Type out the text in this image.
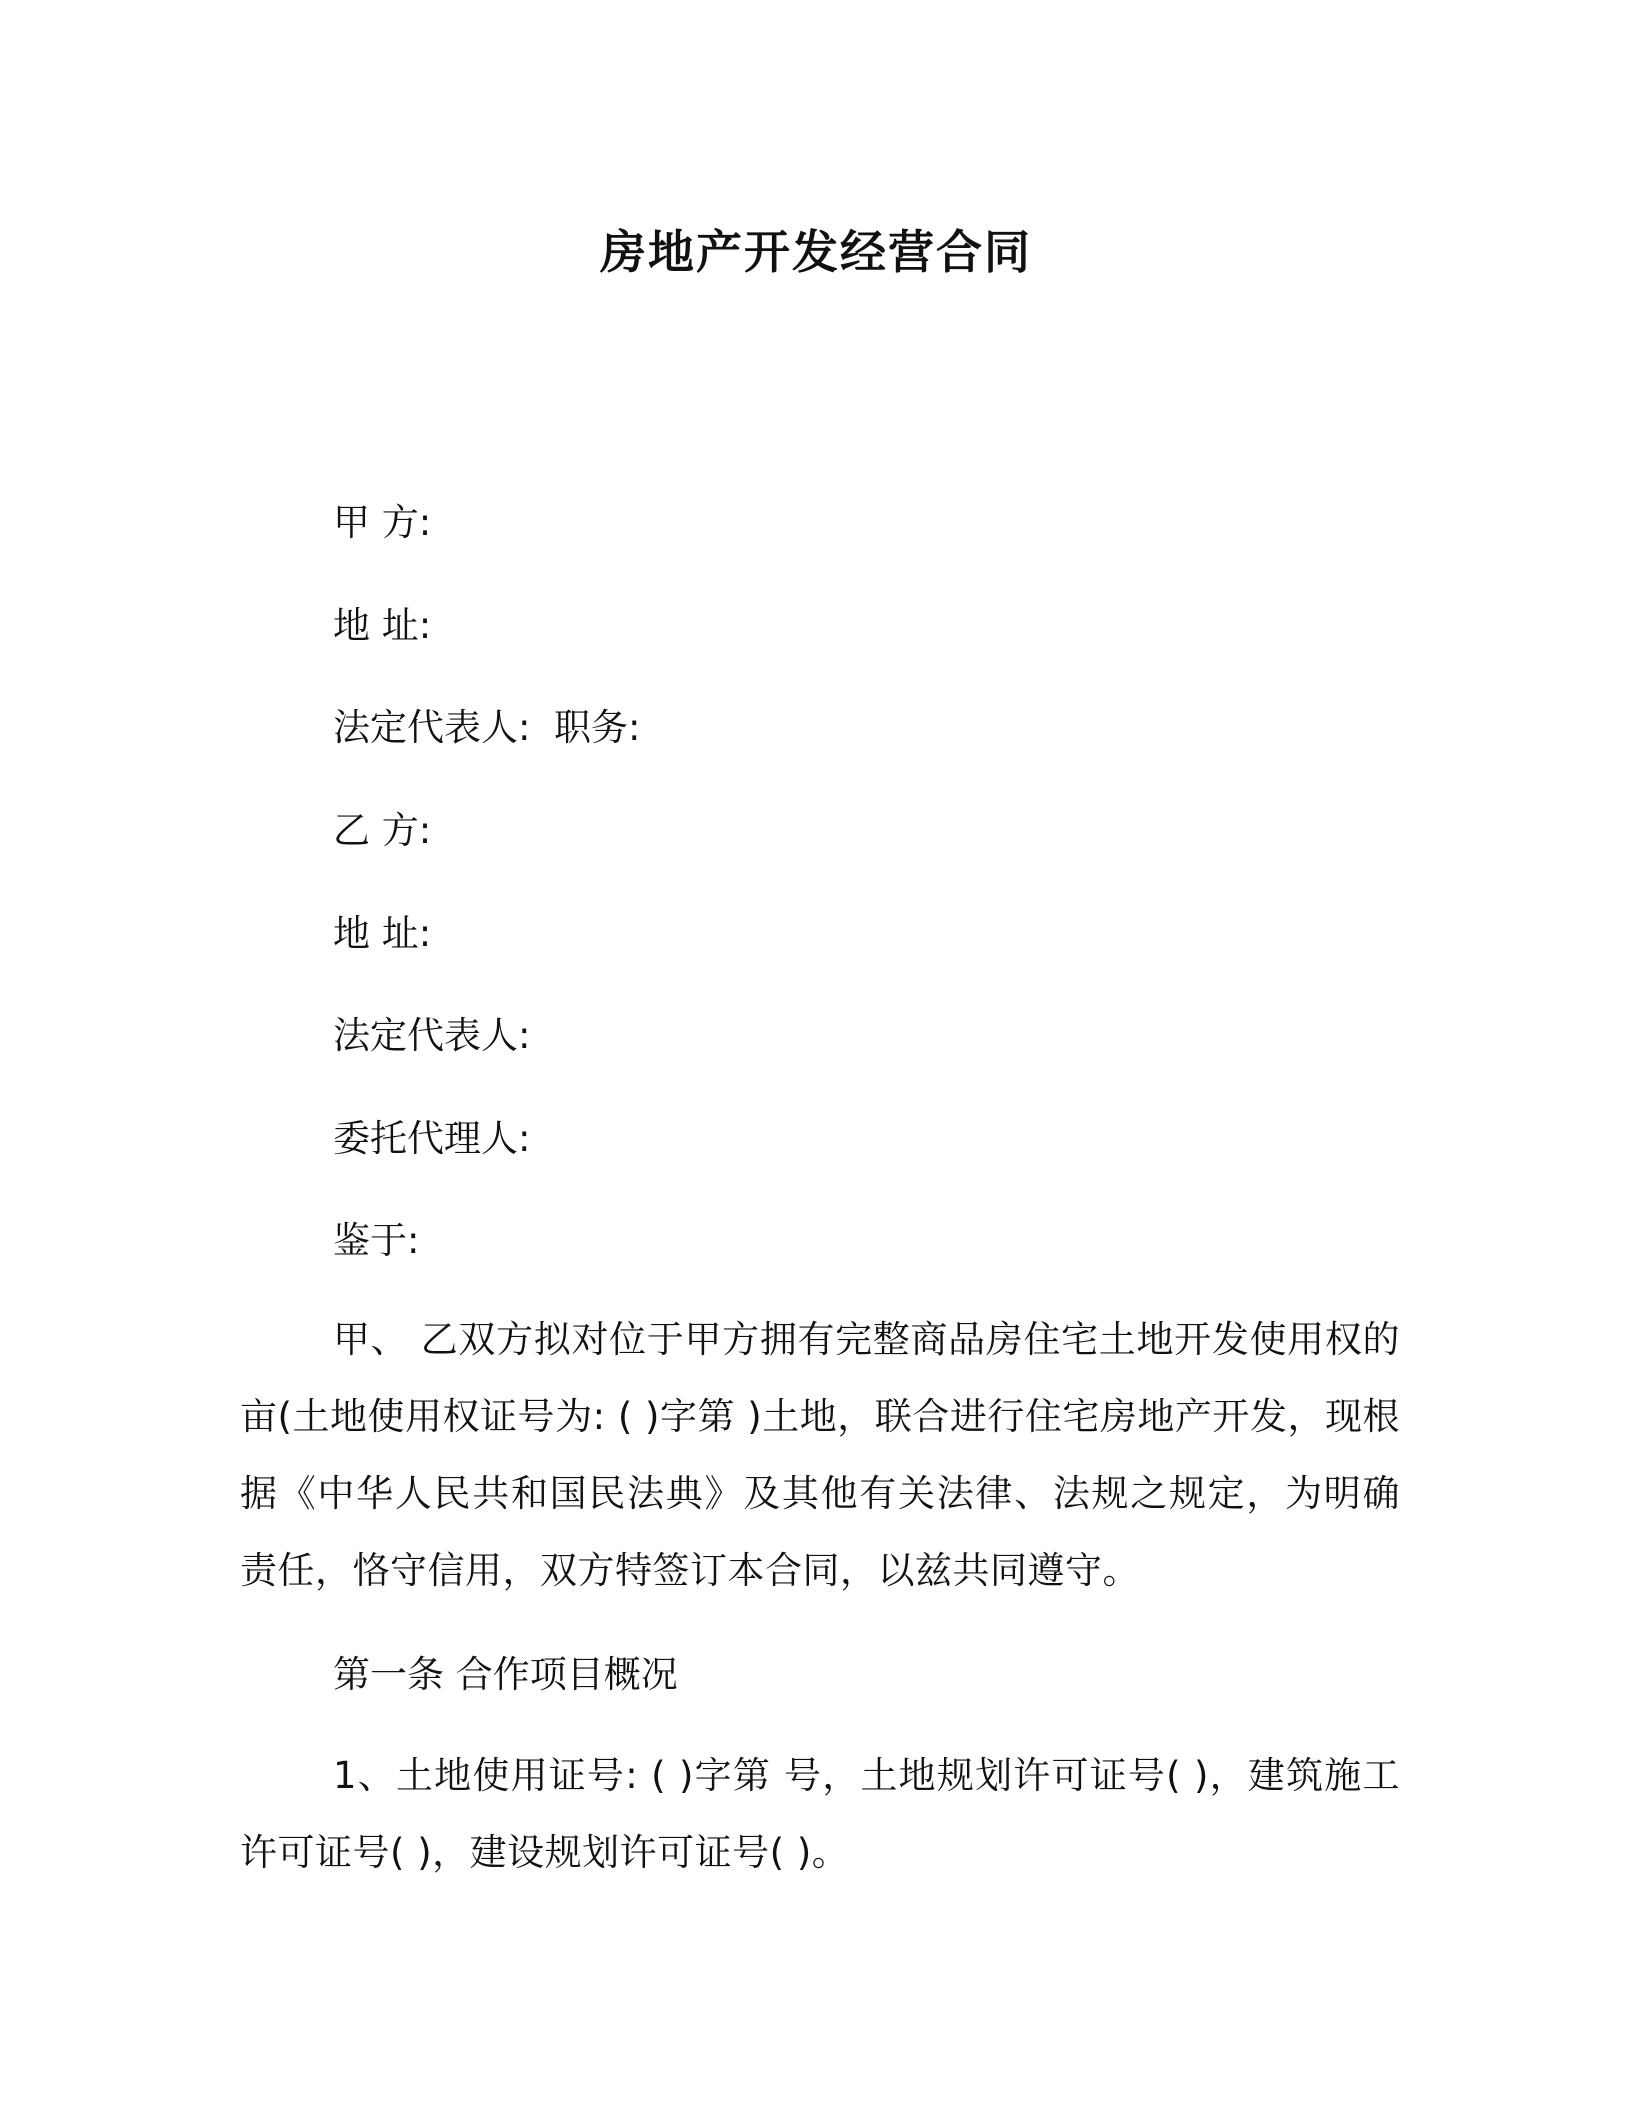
房地产开发经营合同
甲 方:
地 址:
法定代表人:  职务:
乙 方:
地 址:
法定代表人:
委托代理人:
鉴于:
甲、 乙双方拟对位于甲方拥有完整商品房住宅土地开发使用权的亩(土地使用权证号为: ( )字第 )土地，联合进行住宅房地产开发，现根据《中华人民共和国民法典》及其他有关法律、法规之规定，为明确责任，恪守信用，双方特签订本合同，以兹共同遵守。
第一条 合作项目概况
1、土地使用证号: ( )字第 号，土地规划许可证号( )，建筑施工许可证号( )，建设规划许可证号( )。
